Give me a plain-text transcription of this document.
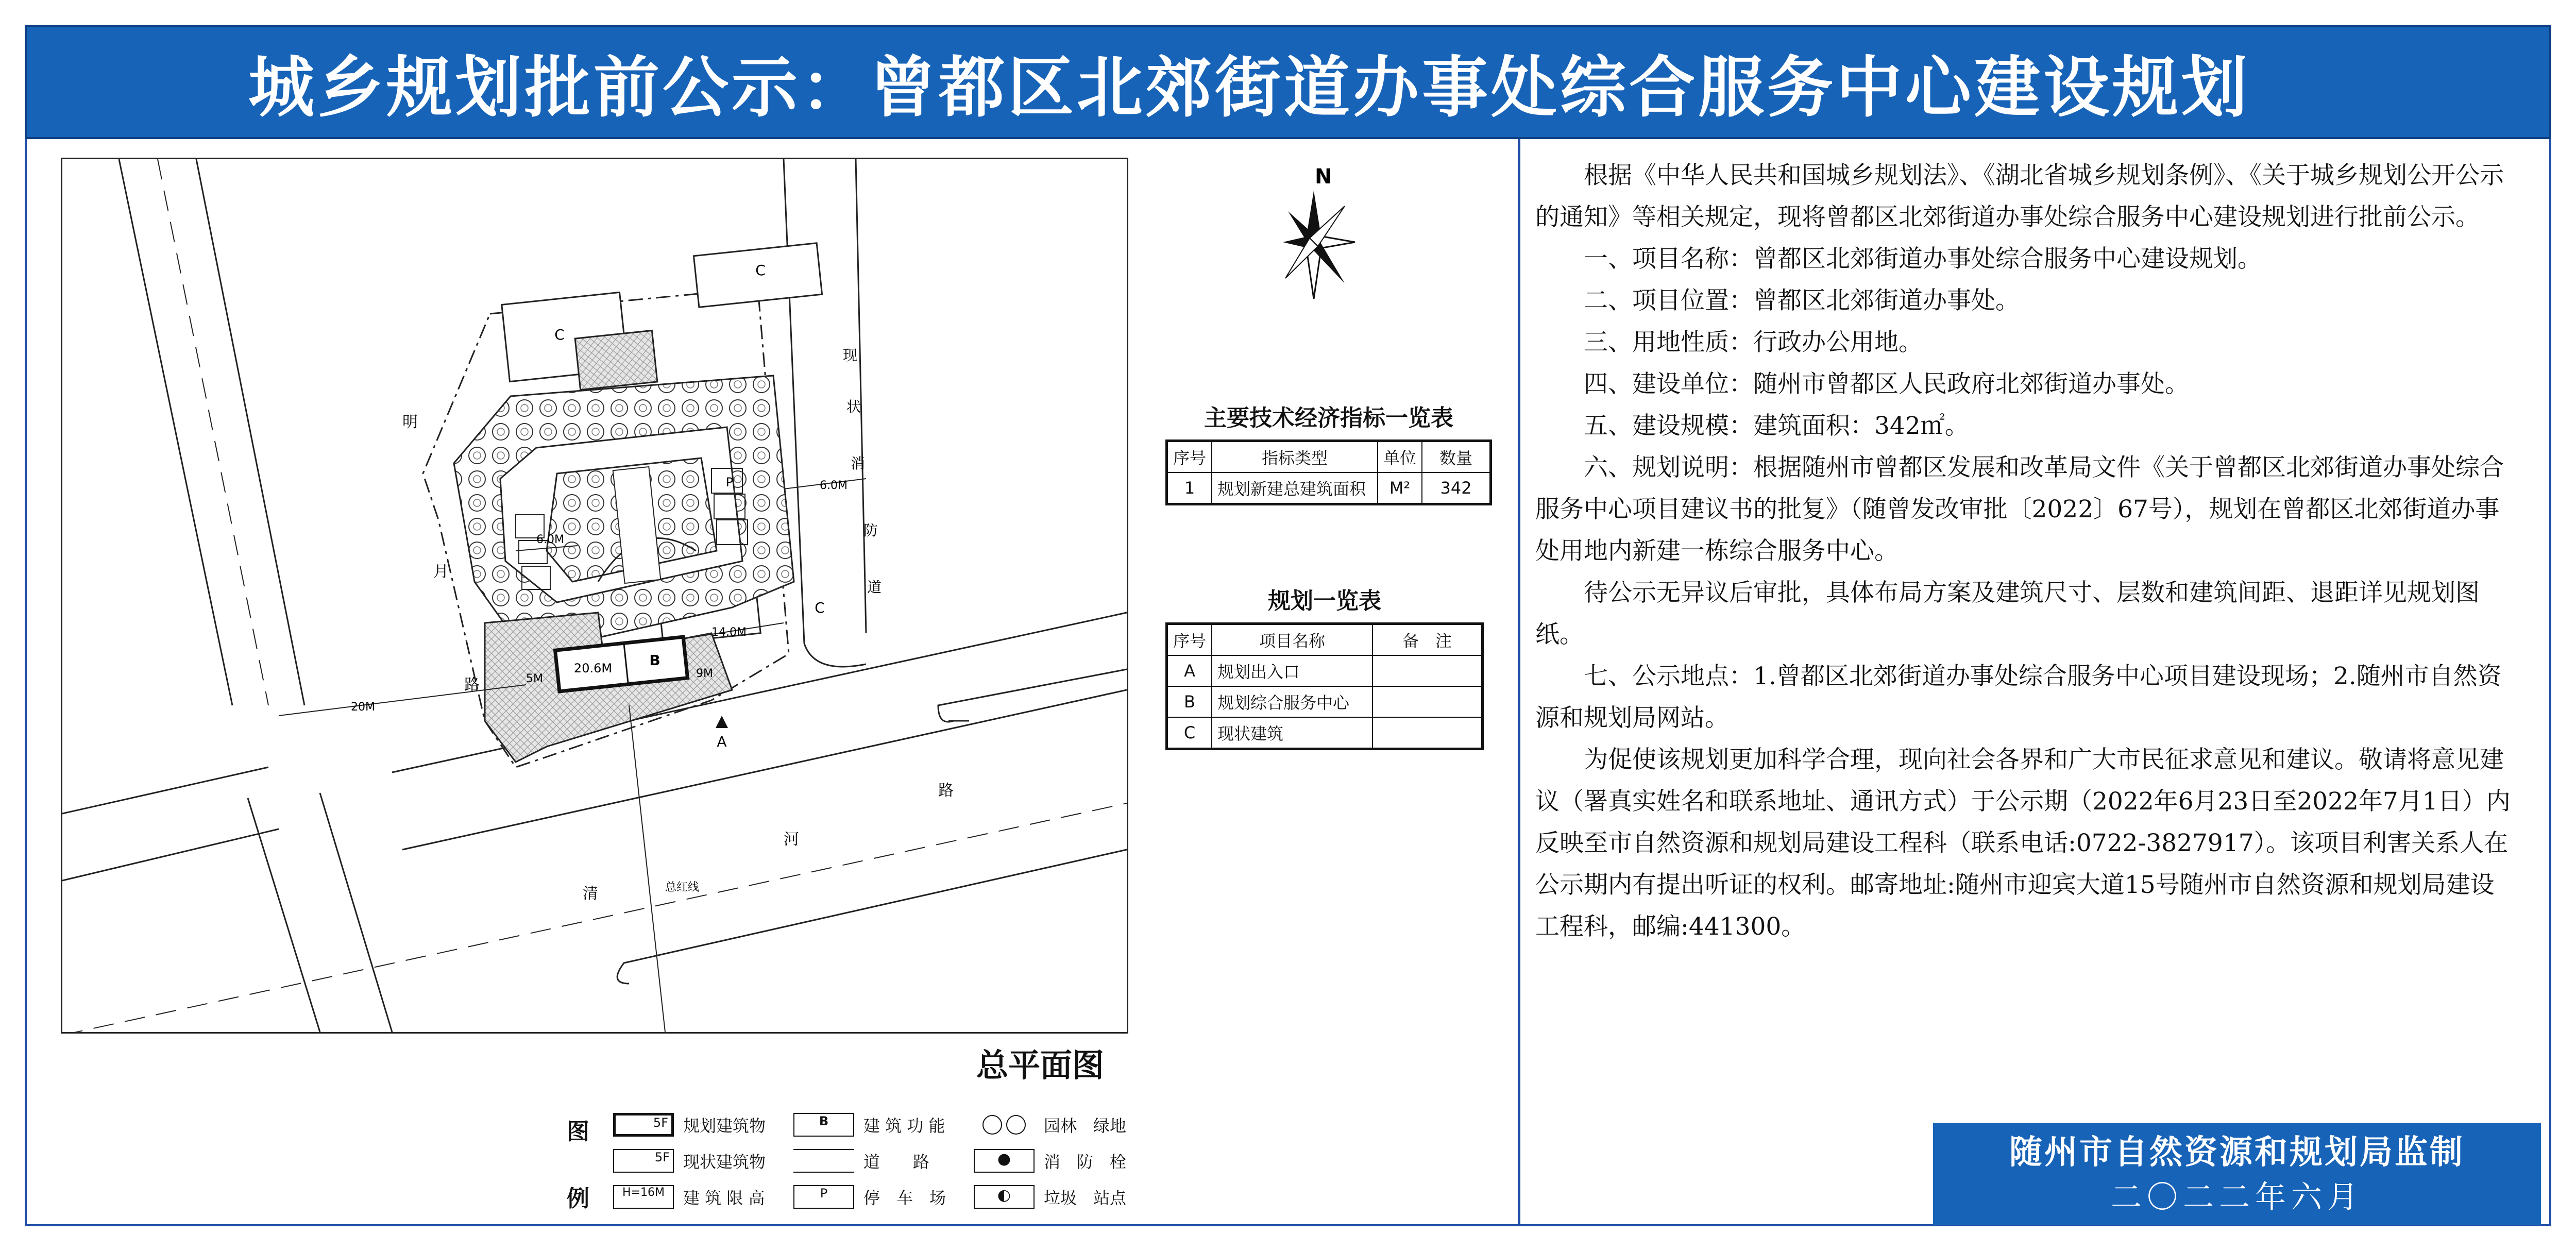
城乡规划批前公示：曾都区北郊街道办事处综合服务中心建设规划
C
C
C
P
20.6M	B
20M
14.0M
9M
5M
6.0M
6.0M
总红线
A
明
月
路
现
状
消
防
道
清
河
路
N
主要技术经济指标一览表
序号	指标类型	单位	数量
1	规划新建总建筑面积	M²	342
规划一览表
序号	项目名称	备　注
A	规划出入口	
B	规划综合服务中心	
C	现状建筑	
总平面图
图
例
5F 规划建筑物	B	建 筑 功 能	园林　绿地
5F 现状建筑物	道　　路	●	消　防　栓
H=16M	建 筑 限 高	P	停　车　场	◐	垃圾　站点

根据《中华人民共和国城乡规划法》、《湖北省城乡规划条例》、《关于城乡规划公开公示的通知》等相关规定，现将曾都区北郊街道办事处综合服务中心建设规划进行批前公示。

一、项目名称：曾都区北郊街道办事处综合服务中心建设规划。

二、项目位置：曾都区北郊街道办事处。

三、用地性质：行政办公用地。

四、建设单位：随州市曾都区人民政府北郊街道办事处。

五、建设规模：建筑面积：342㎡。

六、规划说明：根据随州市曾都区发展和改革局文件《关于曾都区北郊街道办事处综合服务中心项目建议书的批复》（随曾发改审批〔2022〕67号），规划在曾都区北郊街道办事处用地内新建一栋综合服务中心。

待公示无异议后审批，具体布局方案及建筑尺寸、层数和建筑间距、退距详见规划图纸。

七、公示地点：1.曾都区北郊街道办事处综合服务中心项目建设现场；2.随州市自然资源和规划局网站。

为促使该规划更加科学合理，现向社会各界和广大市民征求意见和建议。敬请将意见建议（署真实姓名和联系地址、通讯方式）于公示期（2022年6月23日至2022年7月1日）内反映至市自然资源和规划局建设工程科（联系电话:0722-3827917）。该项目利害关系人在公示期内有提出听证的权利。邮寄地址:随州市迎宾大道15号随州市自然资源和规划局建设工程科，邮编:441300。

随州市自然资源和规划局监制
二〇二二年六月
